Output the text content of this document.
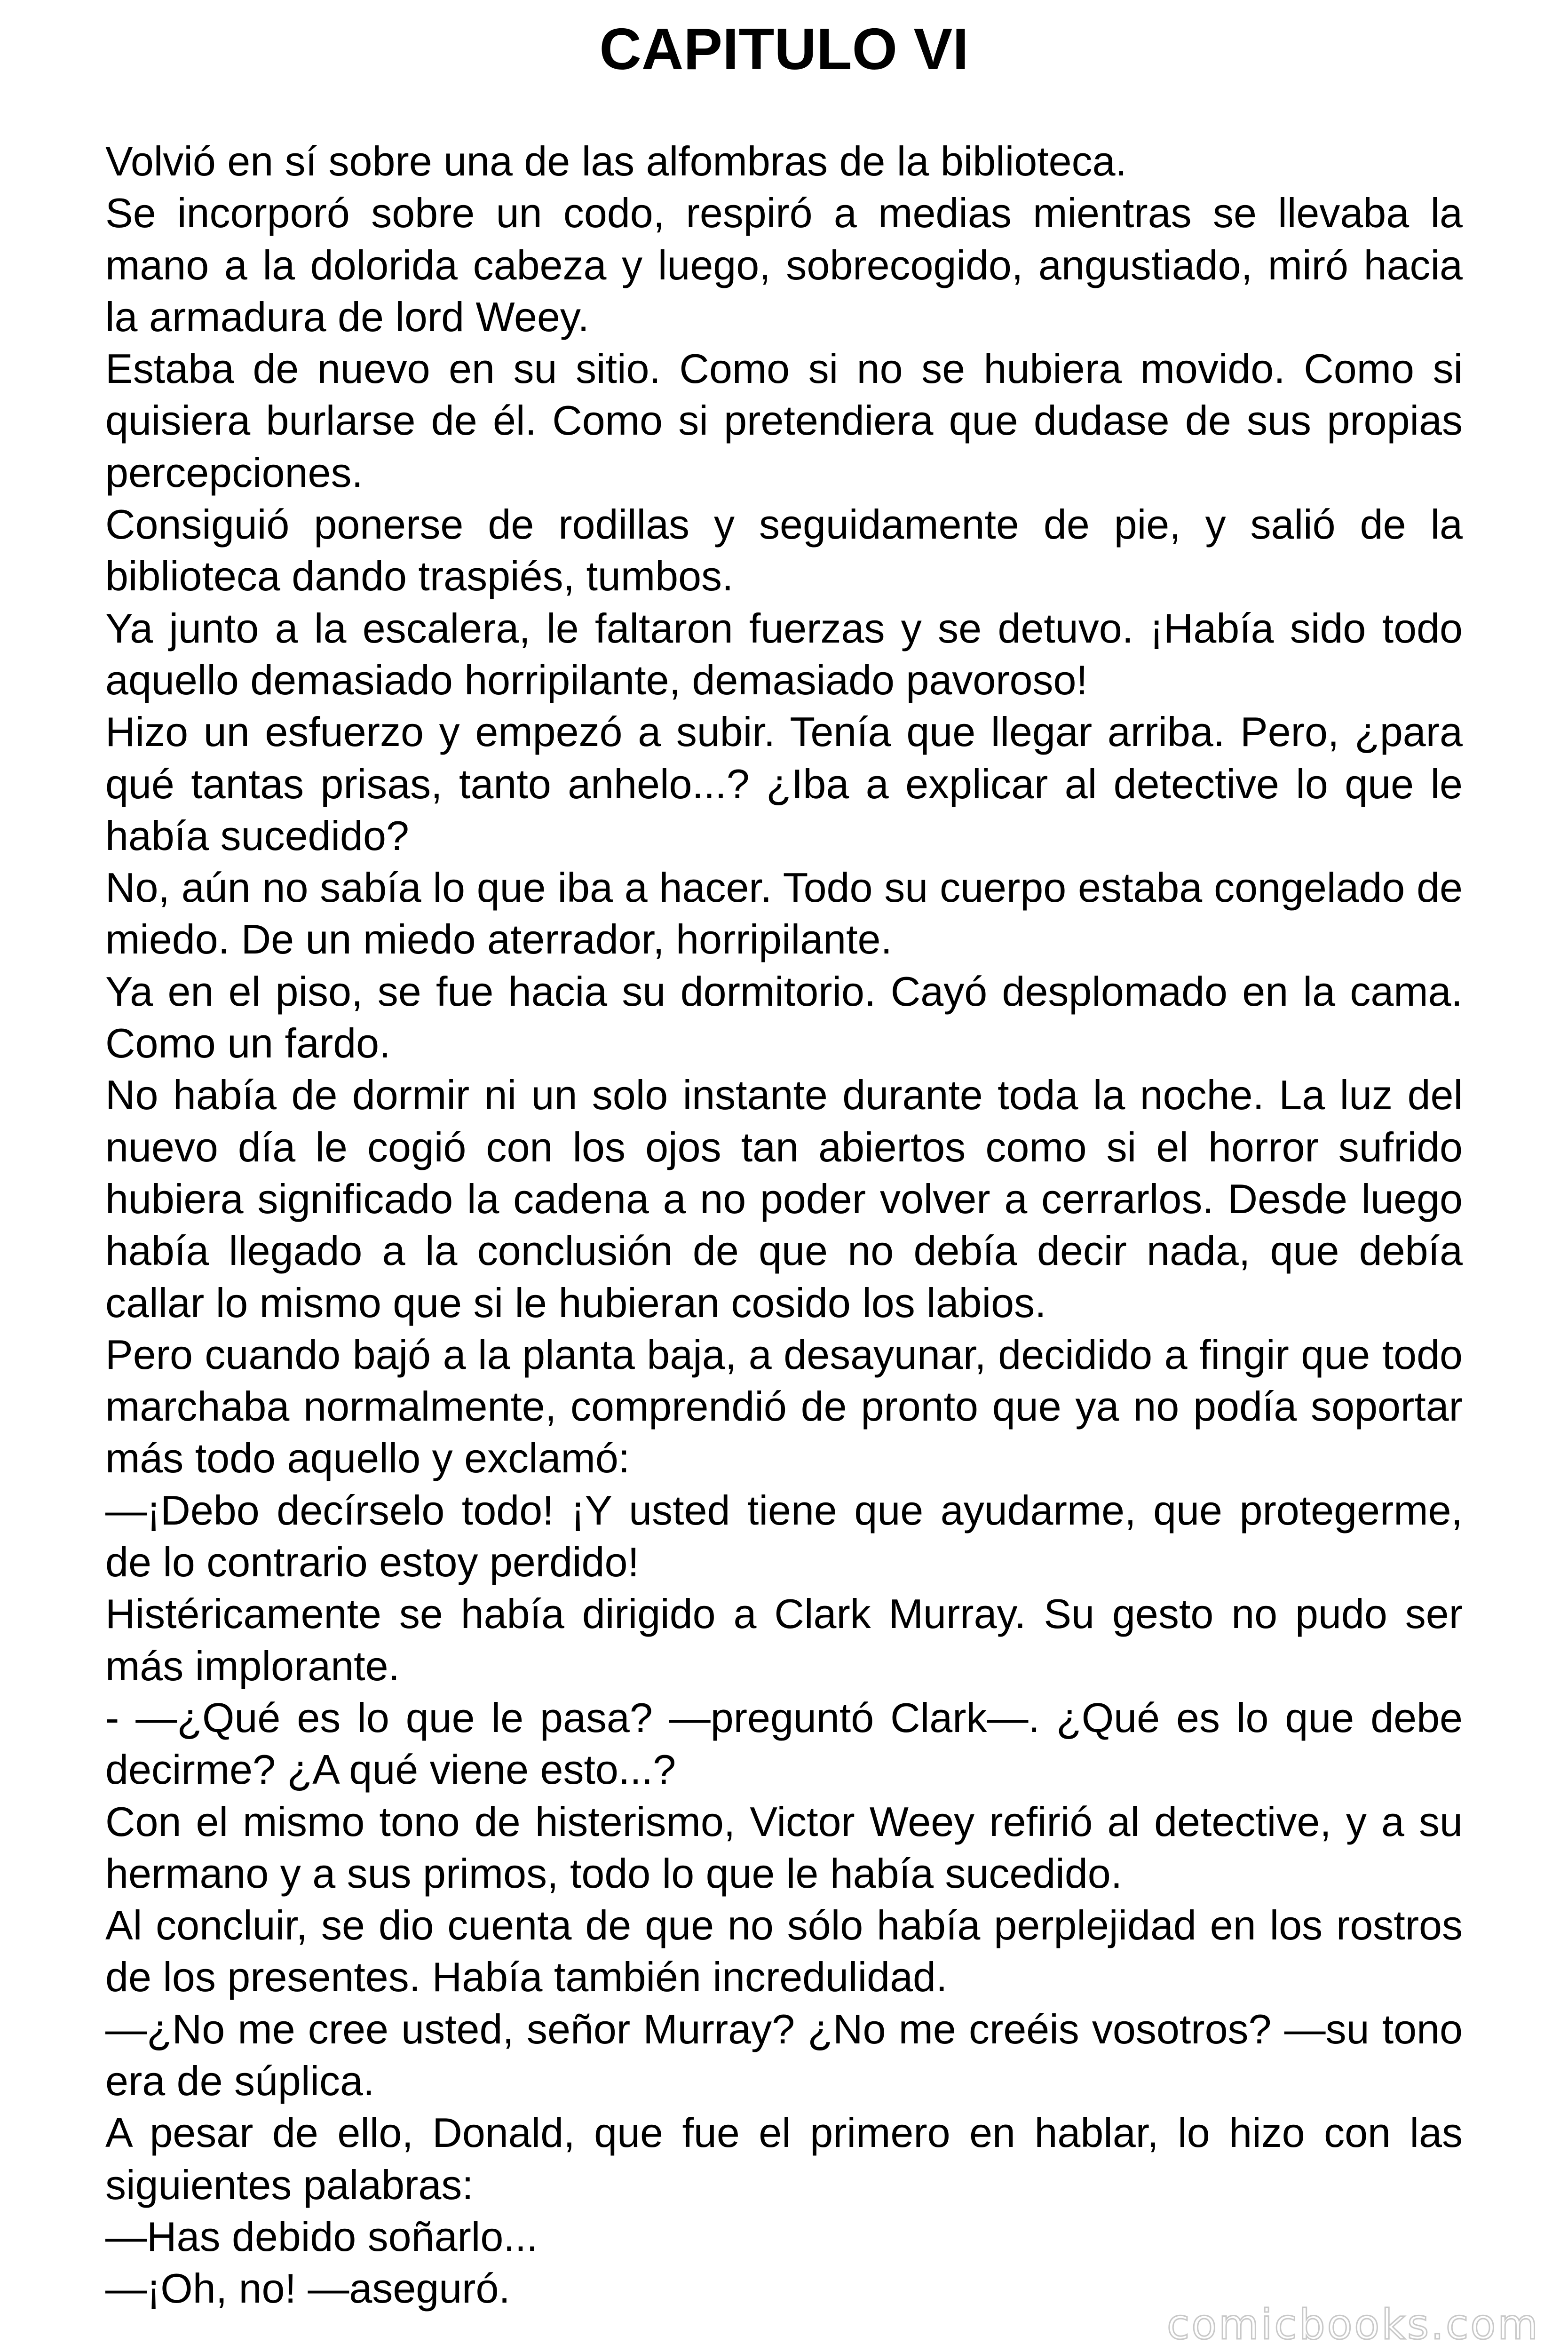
CAPITULO VI

Volvió en sí sobre una de las alfombras de la biblioteca.

Se incorporó sobre un codo, respiró a medias mientras se llevaba la mano a la dolorida cabeza y luego, sobrecogido, angustiado, miró hacia la armadura de lord Weey.

Estaba de nuevo en su sitio. Como si no se hubiera movido. Como si quisiera burlarse de él. Como si pretendiera que dudase de sus propias percepciones.

Consiguió ponerse de rodillas y seguidamente de pie, y salió de la biblioteca dando traspiés, tumbos.

Ya junto a la escalera, le faltaron fuerzas y se detuvo. ¡Había sido todo aquello demasiado horripilante, demasiado pavoroso!

Hizo un esfuerzo y empezó a subir. Tenía que llegar arriba. Pero, ¿para qué tantas prisas, tanto anhelo...? ¿Iba a explicar al detective lo que le había sucedido?

No, aún no sabía lo que iba a hacer. Todo su cuerpo estaba congelado de miedo. De un miedo aterrador, horripilante.

Ya en el piso, se fue hacia su dormitorio. Cayó desplomado en la cama. Como un fardo.

No había de dormir ni un solo instante durante toda la noche. La luz del nuevo día le cogió con los ojos tan abiertos como si el horror sufrido hubiera significado la cadena a no poder volver a cerrarlos. Desde luego había llegado a la conclusión de que no debía decir nada, que debía callar lo mismo que si le hubieran cosido los labios.

Pero cuando bajó a la planta baja, a desayunar, decidido a fingir que todo marchaba normalmente, comprendió de pronto que ya no podía soportar más todo aquello y exclamó:

—¡Debo decírselo todo! ¡Y usted tiene que ayudarme, que protegerme, de lo contrario estoy perdido!

Histéricamente se había dirigido a Clark Murray. Su gesto no pudo ser más implorante.

- —¿Qué es lo que le pasa? —preguntó Clark—. ¿Qué es lo que debe decirme? ¿A qué viene esto...?

Con el mismo tono de histerismo, Victor Weey refirió al detective, y a su hermano y a sus primos, todo lo que le había sucedido.

Al concluir, se dio cuenta de que no sólo había perplejidad en los rostros de los presentes. Había también incredulidad.

—¿No me cree usted, señor Murray? ¿No me creéis vosotros? —su tono era de súplica.

A pesar de ello, Donald, que fue el primero en hablar, lo hizo con las siguientes palabras:

—Has debido soñarlo...

—¡Oh, no! —aseguró.

comicbooks.com
